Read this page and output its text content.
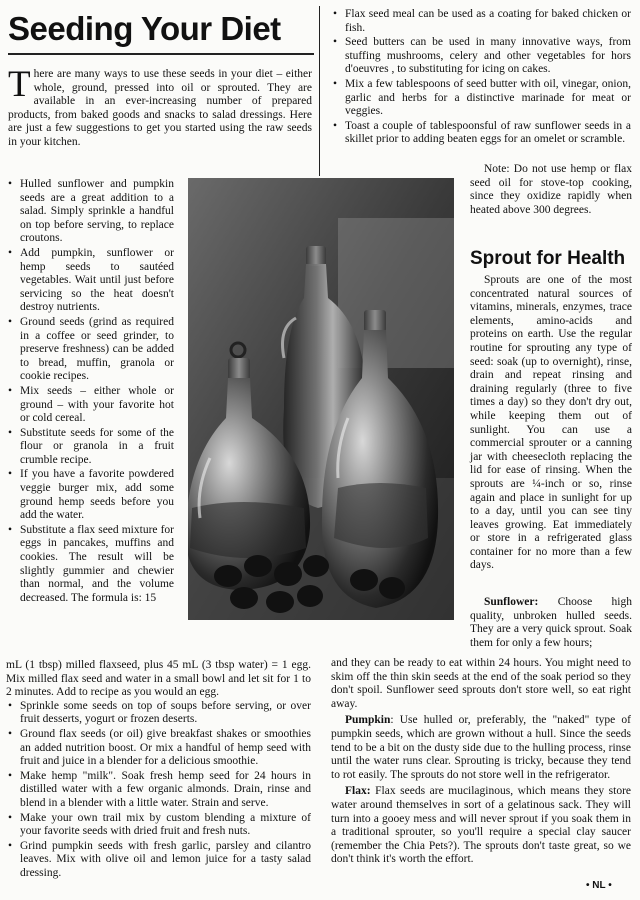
Seeding Your Diet
There are many ways to use these seeds in your diet – either whole, ground, pressed into oil or sprouted. They are available in an ever-increasing number of prepared products, from baked goods and snacks to salad dressings. Here are just a few suggestions to get you started using the raw seeds in your kitchen.
• Hulled sunflower and pumpkin seeds are a great addition to a salad. Simply sprinkle a handful on top before serving, to replace croutons.
• Add pumpkin, sunflower or hemp seeds to sautéed vegetables. Wait until just before servicing so the heat doesn't destroy nutrients.
• Ground seeds (grind as required in a coffee or seed grinder, to preserve freshness) can be added to bread, muffin, granola or cookie recipes.
• Mix seeds – either whole or ground – with your favorite hot or cold cereal.
• Substitute seeds for some of the flour or granola in a fruit crumble recipe.
• If you have a favorite powdered veggie burger mix, add some ground hemp seeds before you add the water.
• Substitute a flax seed mixture for eggs in pancakes, muffins and cookies. The result will be slightly gummier and chewier than normal, and the volume decreased. The formula is: 15

mL (1 tbsp) milled flaxseed, plus 45 mL (3 tbsp water) = 1 egg. Mix milled flax seed and water in a small bowl and let sit for 1 to 2 minutes. Add to recipe as you would an egg.

• Sprinkle some seeds on top of soups before serving, or over fruit desserts, yogurt or frozen deserts.
• Ground flax seeds (or oil) give breakfast shakes or smoothies an added nutrition boost. Or mix a handful of hemp seed with fruit and juice in a blender for a delicious smoothie.
• Make hemp "milk". Soak fresh hemp seed for 24 hours in distilled water with a few organic almonds. Drain, rinse and blend in a blender with a little water. Strain and serve.
• Make your own trail mix by custom blending a mixture of your favorite seeds with dried fruit and fresh nuts.
• Grind pumpkin seeds with fresh garlic, parsley and cilantro leaves. Mix with olive oil and lemon juice for a tasty salad dressing.
• Flax seed meal can be used as a coating for baked chicken or fish.
• Seed butters can be used in many innovative ways, from stuffing mushrooms, celery and other vegetables for hors d'oeuvres , to substituting for icing on cakes.
• Mix a few tablespoons of seed butter with oil, vinegar, onion, garlic and herbs for a distinctive marinade for meat or veggies.
• Toast a couple of tablespoonsful of raw sunflower seeds in a skillet prior to adding beaten eggs for an omelet or scramble.

Note: Do not use hemp or flax seed oil for stove-top cooking, since they oxidize rapidly when heated above 300 degrees.

Sprout for Health

Sprouts are one of the most concentrated natural sources of vitamins, minerals, enzymes, trace elements, amino-acids and proteins on earth. Use the regular routine for sprouting any type of seed: soak (up to overnight), rinse, drain and repeat rinsing and draining regularly (three to five times a day) so they don't dry out, while keeping them out of sunlight. You can use a commercial sprouter or a canning jar with cheesecloth replacing the lid for ease of rinsing. When the sprouts are ¼-inch or so, rinse again and place in sunlight for up to a day, until you can see tiny leaves growing. Eat immediately or store in a refrigerated glass container for no more than a few days.

Sunflower: Choose high quality, unbroken hulled seeds. They are a very quick sprout. Soak them for only a few hours;

and they can be ready to eat within 24 hours. You might need to skim off the thin skin seeds at the end of the soak period so they don't spoil. Sunflower seed sprouts don't store well, so eat right away.

Pumpkin: Use hulled or, preferably, the "naked" type of pumpkin seeds, which are grown without a hull. Since the seeds tend to be a bit on the dusty side due to the hulling process, rinse until the water runs clear. Sprouting is tricky, because they tend to rot easily. The sprouts do not store well in the refrigerator.

Flax: Flax seeds are mucilaginous, which means they store water around themselves in sort of a gelatinous sack. They will turn into a gooey mess and will never sprout if you soak them in a traditional sprouter, so you'll require a special clay saucer (remember the Chia Pets?). The sprouts don't taste great, so we don't think it's worth the effort.

• NL •
